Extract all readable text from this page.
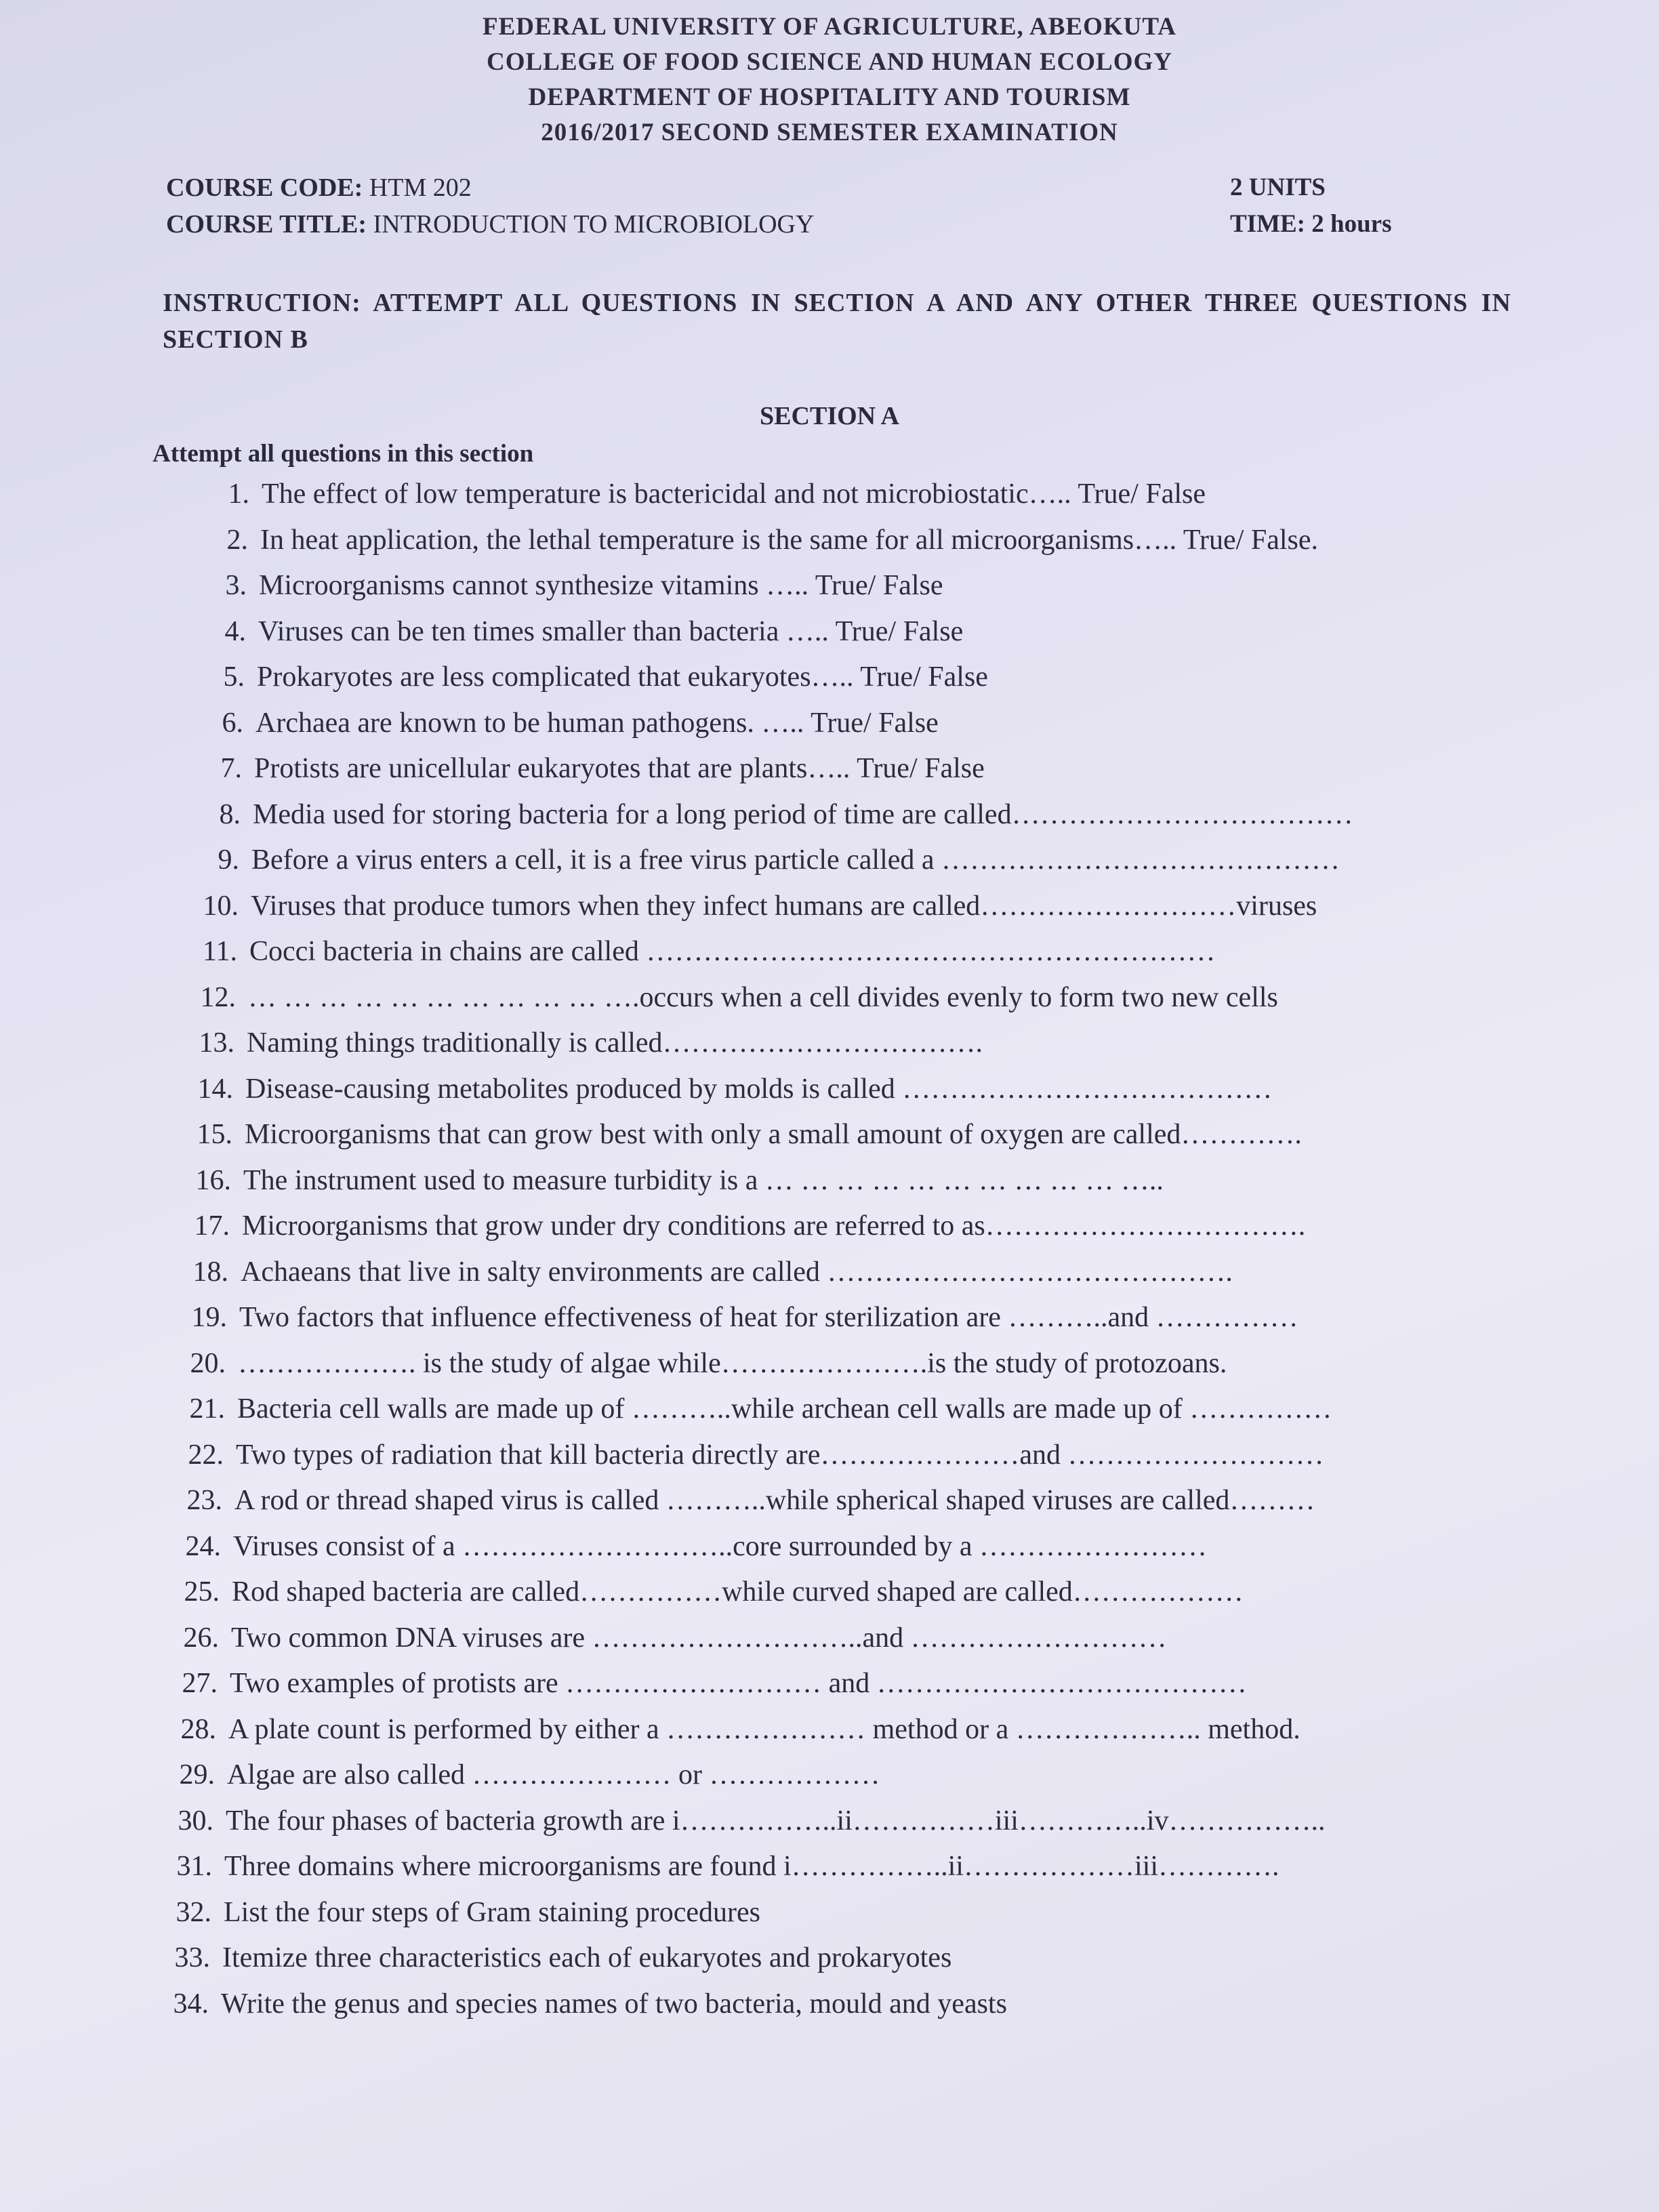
FEDERAL UNIVERSITY OF AGRICULTURE, ABEOKUTA
COLLEGE OF FOOD SCIENCE AND HUMAN ECOLOGY
DEPARTMENT OF HOSPITALITY AND TOURISM
2016/2017 SECOND SEMESTER EXAMINATION
COURSE CODE: HTM 202	2 UNITS
COURSE TITLE: INTRODUCTION TO MICROBIOLOGY	TIME: 2 hours
INSTRUCTION: ATTEMPT ALL QUESTIONS IN SECTION A AND ANY OTHER THREE QUESTIONS IN SECTION B
SECTION A
Attempt all questions in this section
1. The effect of low temperature is bactericidal and not microbiostatic….. True/ False
2. In heat application, the lethal temperature is the same for all microorganisms….. True/ False.
3. Microorganisms cannot synthesize vitamins ….. True/ False
4. Viruses can be ten times smaller than bacteria ….. True/ False
5. Prokaryotes are less complicated that eukaryotes….. True/ False
6. Archaea are known to be human pathogens. ….. True/ False
7. Protists are unicellular eukaryotes that are plants….. True/ False
8. Media used for storing bacteria for a long period of time are called………………………………
9. Before a virus enters a cell, it is a free virus particle called a ……………………………………
10. Viruses that produce tumors when they infect humans are called………………………viruses
11. Cocci bacteria in chains are called ……………………………………………………
12. … … … … … … … … … … ….occurs when a cell divides evenly to form two new cells
13. Naming things traditionally is called…………………………….
14. Disease-causing metabolites produced by molds is called …………………………………
15. Microorganisms that can grow best with only a small amount of oxygen are called………….
16. The instrument used to measure turbidity is a … … … … … … … … … … …..
17. Microorganisms that grow under dry conditions are referred to as…………………………….
18. Achaeans that live in salty environments are called …………………………………….
19. Two factors that influence effectiveness of heat for sterilization are ………..and ……………
20. ………………. is the study of algae while………………….is the study of protozoans.
21. Bacteria cell walls are made up of ………..while archean cell walls are made up of ……………
22. Two types of radiation that kill bacteria directly are…………………and ………………………
23. A rod or thread shaped virus is called ………..while spherical shaped viruses are called………
24. Viruses consist of a ………………………..core surrounded by a ……………………
25. Rod shaped bacteria are called……………while curved shaped are called………………
26. Two common DNA viruses are ………………………..and ………………………
27. Two examples of protists are ……………………… and …………………………………
28. A plate count is performed by either a ………………… method or a ……………….. method.
29. Algae are also called ………………… or ………………
30. The four phases of bacteria growth are i……………..ii……………iii…………..iv……………..
31. Three domains where microorganisms are found i……………..ii………………iii………….
32. List the four steps of Gram staining procedures
33. Itemize three characteristics each of eukaryotes and prokaryotes
34. Write the genus and species names of two bacteria, mould and yeasts
